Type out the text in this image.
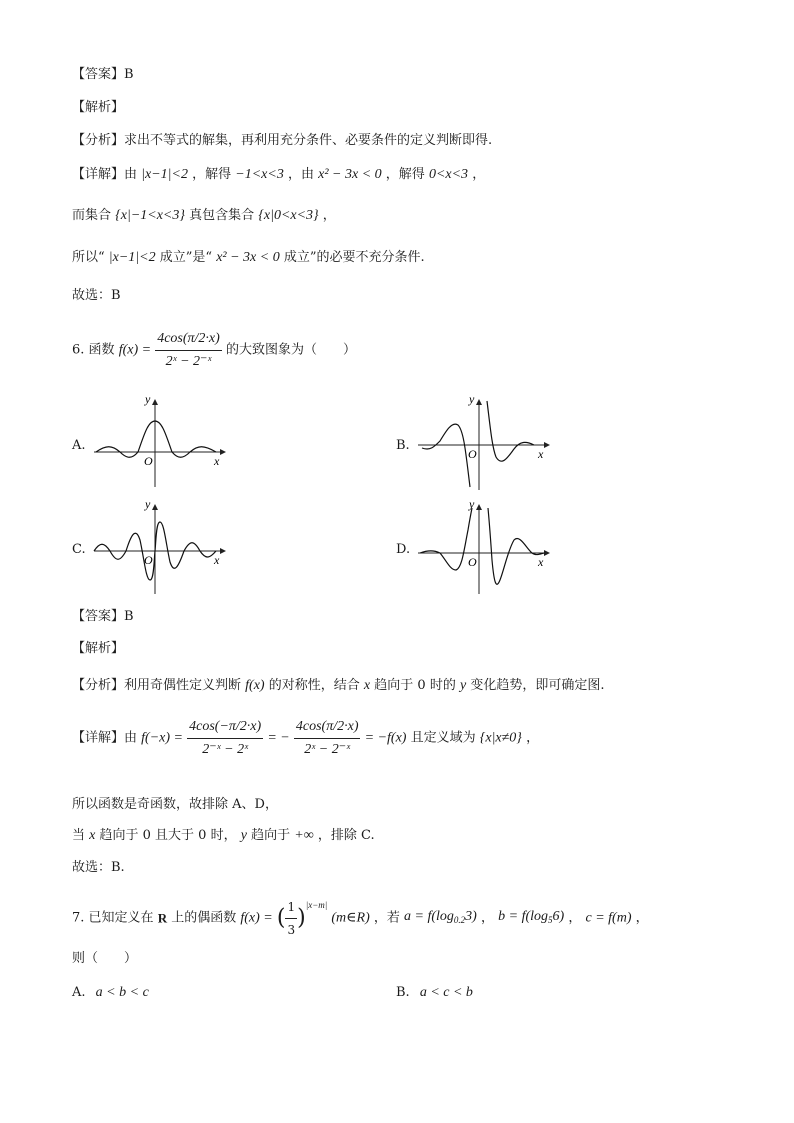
【答案】B
【解析】
【分析】求出不等式的解集，再利用充分条件、必要条件的定义判断即得.
【详解】由 |x−1|<2 ，解得 −1<x<3 ，由 x² − 3x < 0 ，解得 0<x<3 ，
而集合 {x|−1<x<3} 真包含集合 {x|0<x<3} ，
所以“ |x−1|<2 成立”是“ x² − 3x < 0 成立”的必要不充分条件.
故选：B
6. 函数 $f(x) = \frac{4\cos(\pi/2\cdot x)}{\text{2ˣ − 2⁻ˣ}}$ 的大致图象为（　　）
A.	B.
C.	D.
y
x
O
y
x
O
y
x
O
y
x
O
【答案】B
【解析】
【分析】利用奇偶性定义判断 f(x) 的对称性，结合 x 趋向于 0 时的 y 变化趋势，即可确定图.
【详解】由 $f(-x) = \frac{4\cos(-\pi/2\cdot x)}{\text{2⁻ˣ − 2ˣ}}$ = − $\frac{4\cos(\pi/2\cdot x)}{\text{2ˣ − 2⁻ˣ}} = -f(x)$ 且定义域为 {x|x≠0} ，
所以函数是奇函数，故排除 A、D，
当 x 趋向于 0 且大于 0 时， y 趋向于 +∞ ，排除 C.
故选：B.
7. 已知定义在 R 上的偶函数 f(x) = ( $\frac{1}{3} )^{|x-m|}$ (m∈R) ，若 $a = f(\log_{0.2}3)$ ， $b = f(\log_56)$ ， c = f(m) ，
则（　　）
A. a < b < c	B. a < c < b
